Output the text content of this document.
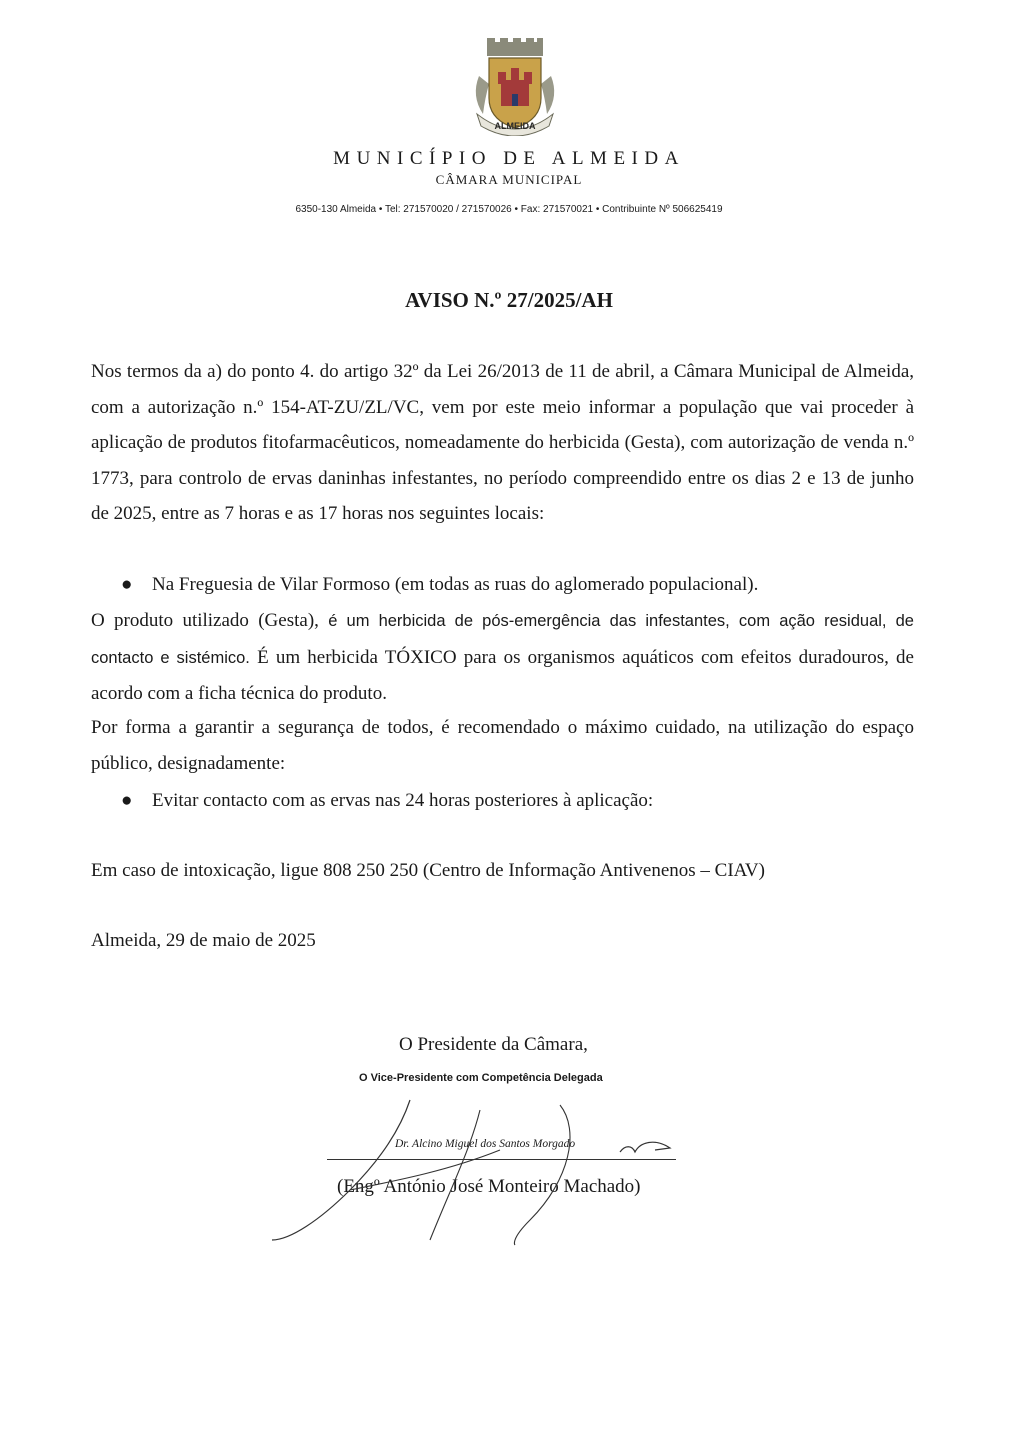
ALMEIDA
MUNICÍPIO DE ALMEIDA
CÂMARA MUNICIPAL
6350-130 Almeida • Tel: 271570020 / 271570026 • Fax: 271570021 • Contribuinte Nº 506625419
AVISO N.º 27/2025/AH
Nos termos da a) do ponto 4. do artigo 32º da Lei 26/2013 de 11 de abril, a Câmara Municipal de Almeida, com a autorização n.º 154-AT-ZU/ZL/VC, vem por este meio informar a população que vai proceder à aplicação de produtos fitofarmacêuticos, nomeadamente do herbicida (Gesta), com autorização de venda n.º 1773, para controlo de ervas daninhas infestantes, no período compreendido entre os dias 2 e 13 de junho de 2025, entre as 7 horas e as 17 horas nos seguintes locais:
● Na Freguesia de Vilar Formoso (em todas as ruas do aglomerado populacional).
O produto utilizado (Gesta), é um herbicida de pós-emergência das infestantes, com ação residual, de contacto e sistémico. É um herbicida TÓXICO para os organismos aquáticos com efeitos duradouros, de acordo com a ficha técnica do produto.
Por forma a garantir a segurança de todos, é recomendado o máximo cuidado, na utilização do espaço público, designadamente:
● Evitar contacto com as ervas nas 24 horas posteriores à aplicação:
Em caso de intoxicação, ligue 808 250 250 (Centro de Informação Antivenenos – CIAV)
Almeida, 29 de maio de 2025
O Presidente da Câmara,
O Vice-Presidente com Competência Delegada
Dr. Alcino Miguel dos Santos Morgado
(Engº António José Monteiro Machado)
